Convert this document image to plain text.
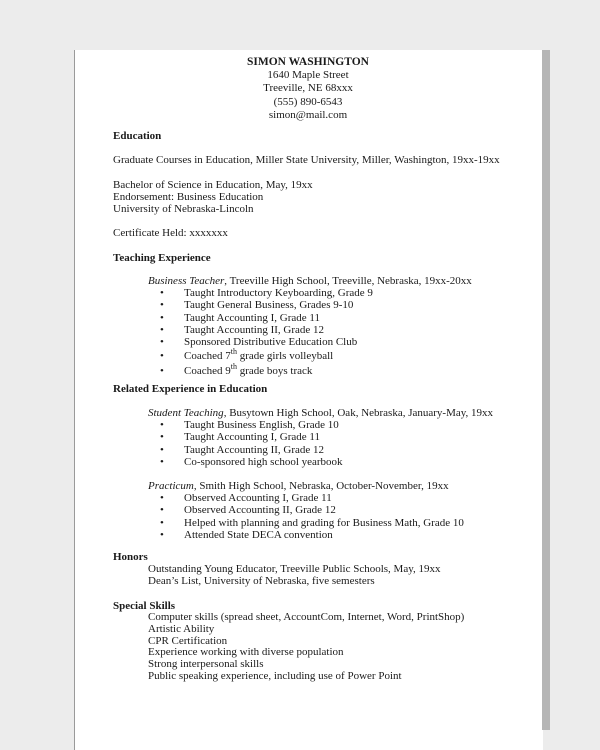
SIMON WASHINGTON
1640 Maple Street
Treeville, NE 68xxx
(555) 890-6543
simon@mail.com
Education
Graduate Courses in Education, Miller State University, Miller, Washington, 19xx-19xx
Bachelor of Science in Education, May, 19xx
Endorsement: Business Education
University of Nebraska-Lincoln
Certificate Held: xxxxxxx
Teaching Experience
Business Teacher, Treeville High School, Treeville, Nebraska, 19xx-20xx
• Taught Introductory Keyboarding, Grade 9
• Taught General Business, Grades 9-10
• Taught Accounting I, Grade 11
• Taught Accounting II, Grade 12
• Sponsored Distributive Education Club
• Coached 7th grade girls volleyball
• Coached 9th grade boys track
Related Experience in Education
Student Teaching, Busytown High School, Oak, Nebraska, January-May, 19xx
• Taught Business English, Grade 10
• Taught Accounting I, Grade 11
• Taught Accounting II, Grade 12
• Co-sponsored high school yearbook
Practicum, Smith High School, Nebraska, October-November, 19xx
• Observed Accounting I, Grade 11
• Observed Accounting II, Grade 12
• Helped with planning and grading for Business Math, Grade 10
• Attended State DECA convention
Honors
Outstanding Young Educator, Treeville Public Schools, May, 19xx
Dean’s List, University of Nebraska, five semesters
Special Skills
Computer skills (spread sheet, AccountCom, Internet, Word, PrintShop)
Artistic Ability
CPR Certification
Experience working with diverse population
Strong interpersonal skills
Public speaking experience, including use of Power Point
